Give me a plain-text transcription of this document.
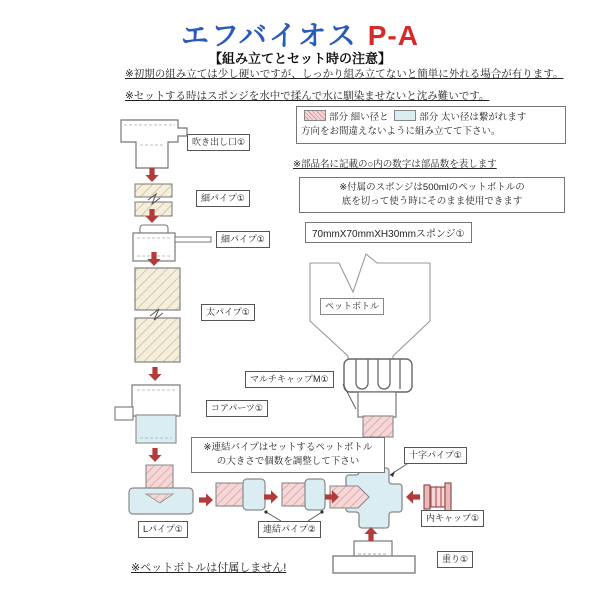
エフバイオス P-A
【組み立てとセット時の注意】
※初期の組み立ては少し硬いですが、しっかり組み立てないと簡単に外れる場合が有ります。
※セットする時はスポンジを水中で揉んで水に馴染ませないと沈み難いです。
部分 細い径と	部分 太い径は繋がれます
方向をお間違えないように組み立てて下さい。
※部品名に記載の○内の数字は部品数を表します
※付属のスポンジは500mlのペットボトルの
底を切って使う時にそのまま使用できます
70mmX70mmXH30mmスポンジ①
※連結パイプはセットするペットボトル
の大きさで個数を調整して下さい
※ペットボトルは付属しません!
吹き出し口①
細パイプ①
細パイプ①
太パイプ①
コアパーツ①
ペットボトル
マルチキャップM①
Lパイプ①	連結パイプ②
十字パイプ①
内キャップ①
重り①
